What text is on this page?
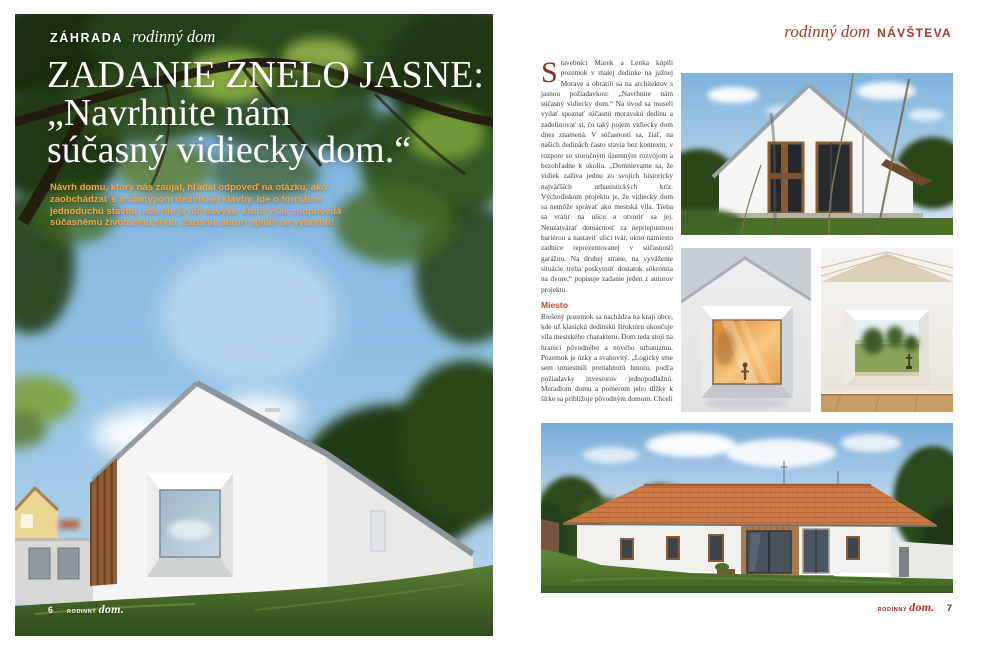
ZÁHRADA rodinný dom
ZADANIE ZNELO JASNE:
„Navrhnite nám
súčasný vidiecky dom.“

Návrh domu, ktorý nás zaujal, hľadal odpoveď na otázku, ako zaobchádzať s archetypom dedinskej stavby. Ide o formálne jednoduchú stavbu, kde nie je nič navyše, ktorá však zodpovedá súčasnému životnému štýlu. Zadanie autori splnili na výbornú!

6	RODINNÝ dom.
rodinný dom NÁVŠTEVA

Stavebníci Marek a Lenka kúpili pozemok v malej dedinke na južnej Morave a obrátili sa na architektov s jasnou požiadavkou: „Navrhnite nám súčasný vidiecky dom.“ Na úvod sa museli vydať spoznať súčasnú moravskú dedinu a zadefinovať si, čo taký pojem vidiecky dom dnes znamená. V súčasnosti sa, žiaľ, na našich dedinách často stavia bez kontextu, v rozpore so storočným územným rozvojom a bezohľadne k okoliu. „Domnievame sa, že vidiek zažíva jednu zo svojich historicky najväčších urbanistických kríz. Východiskom projektu je, že vidiecky dom sa nemôže správať ako mestská vila. Treba sa vrátiť na ulicu a otvoriť sa jej. Neuzatvárať domácnosť za nepriepustnou bariérou a nastaviť ulici tvár, okno namiesto zadnice reprezentovanej v súčasnosti garážou. Na druhej strane, na vyváženie situácie treba poskytnúť dostatok súkromia na dvore,“ popisuje zadanie jeden z autorov projektu.

Miesto

Riešený pozemok sa nachádza na kraji obce, kde už klasickú dedinskú štruktúru ukončuje vila mestského charakteru. Dom teda stojí na hranici pôvodného a nového urbanizmu. Pozemok je úzky a svahovitý. „Logicky sme sem umiestnili pretiahnutú hmotu, podľa požiadavky investorov jednopodlažnú. Meradlom domu a pomerom jeho dĺžky k šírke sa približuje pôvodným domom. Chceli

RODINNÝ dom. 7
